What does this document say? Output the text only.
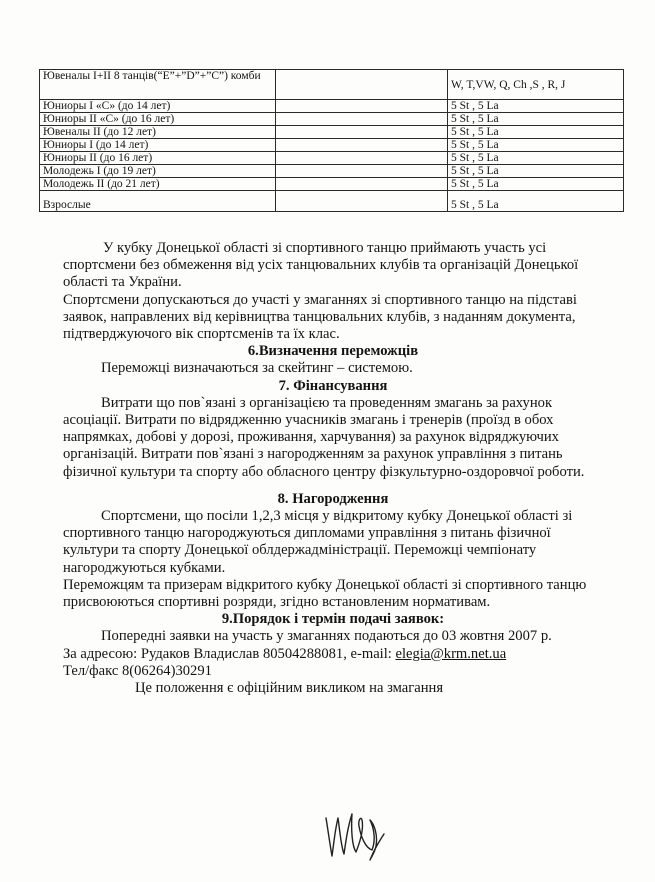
Ювеналы I+II 8 танців(“E”+”D”+”C”) комби		W, T,VW, Q, Ch ,S , R, J
Юниоры I «С» (до 14 лет)		5 St , 5 La
Юниоры II «С» (до 16 лет)		5 St , 5 La
Ювеналы II (до 12 лет)		5 St , 5 La
Юниоры I (до 14 лет)		5 St , 5 La
Юниоры II (до 16 лет)		5 St , 5 La
Молодежь I (до 19 лет)		5 St , 5 La
Молодежь II (до 21 лет)		5 St , 5 La
Взрослые		5 St , 5 La

У кубку Донецької області зі спортивного танцю приймають участь усі спортсмени без обмеження від усіх танцювальних клубів та організацій Донецької області та України.

Спортсмени допускаються до участі у змаганнях зі спортивного танцю на підставі заявок, направлених від керівництва танцювальних клубів, з наданням документа, підтверджуючого вік спортсменів та їх клас.

6.Визначення переможців

Переможці визначаються за скейтинг – системою.

7. Фінансування

Витрати що пов`язані з організацією та проведенням змагань за рахунок асоціації. Витрати по відрядженню учасників змагань і тренерів (проїзд в обох напрямках, добові у дорозі, проживання, харчування) за рахунок відряджуючих організацій. Витрати пов`язані з нагородженням за рахунок управління з питань фізичної культури та спорту або обласного центру фізкультурно-оздоровчої роботи.

8. Нагородження

Спортсмени, що посіли 1,2,3 місця у відкритому кубку Донецької області зі спортивного танцю нагороджуються дипломами управління з питань фізичної культури та спорту Донецької облдержадміністрації. Переможці чемпіонату нагороджуються кубками.

Переможцям та призерам відкритого кубку Донецької області зі спортивного танцю присвоюються спортивні розряди, згідно встановленим нормативам.

9.Порядок і термін подачі заявок:

Попередні заявки на участь у змаганнях подаються до 03 жовтня 2007 р.

За адресою: Рудаков Владислав 80504288081, e-mail: elegia@krm.net.ua

Тел/факс 8(06264)30291

Це положення є офіційним викликом на змагання
